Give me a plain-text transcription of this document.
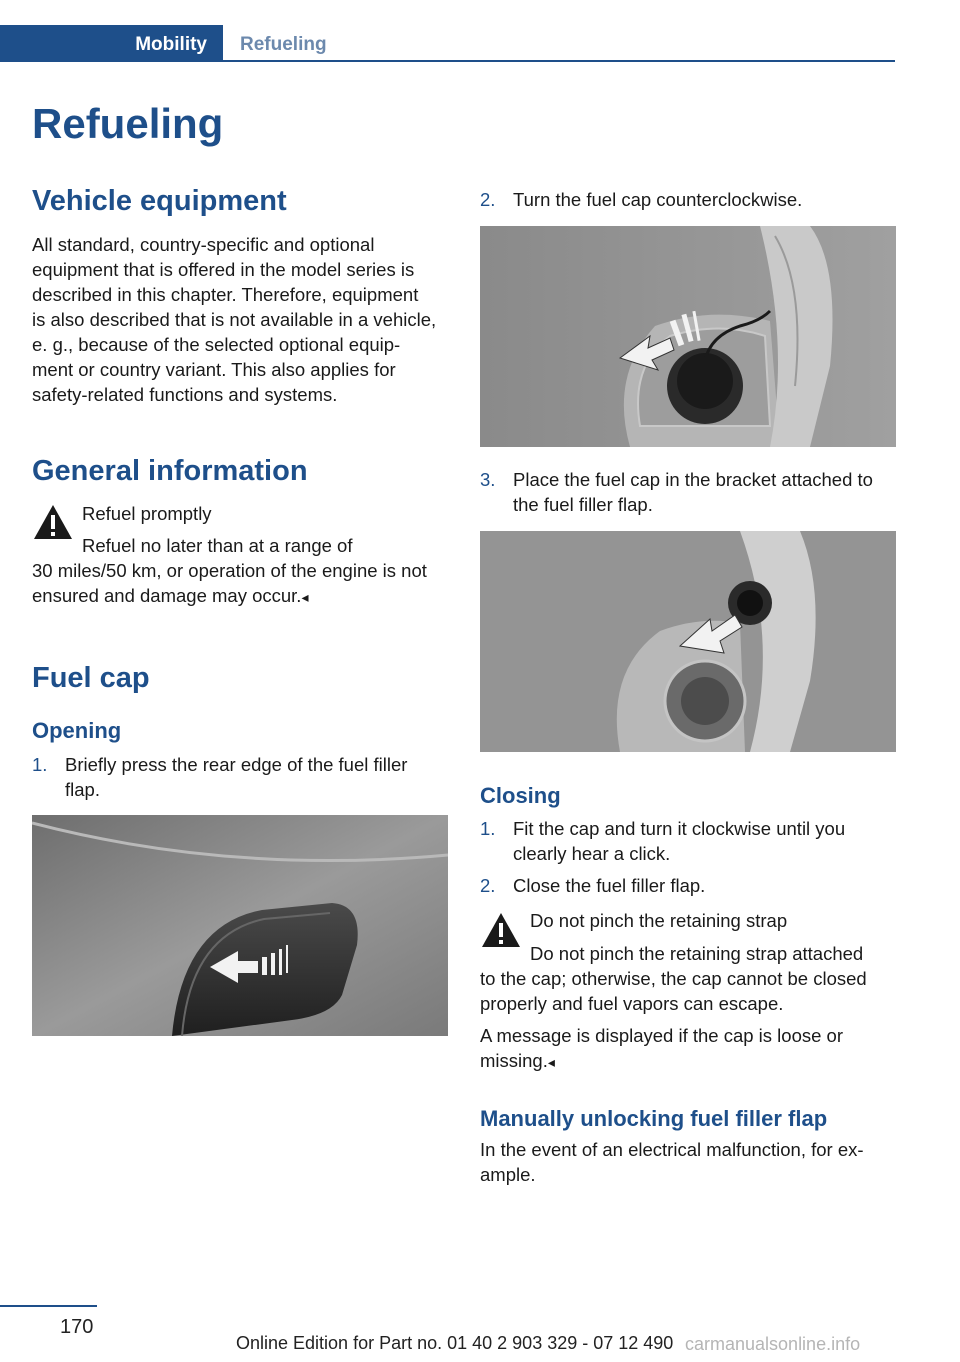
Mobility Refueling
Refueling
Vehicle equipment
All standard, country-specific and optional
equipment that is offered in the model series is
described in this chapter. Therefore, equipment
is also described that is not available in a vehicle,
e. g., because of the selected optional equip-
ment or country variant. This also applies for
safety-related functions and systems.
General information
Refuel promptly
Refuel no later than at a range of
30 miles/50 km, or operation of the engine is not
ensured and damage may occur.◂
Fuel cap
Opening
1. Briefly press the rear edge of the fuel filler
flap.
2. Turn the fuel cap counterclockwise.
3. Place the fuel cap in the bracket attached to
the fuel filler flap.
Closing
1. Fit the cap and turn it clockwise until you
clearly hear a click.
2. Close the fuel filler flap.
Do not pinch the retaining strap
Do not pinch the retaining strap attached
to the cap; otherwise, the cap cannot be closed
properly and fuel vapors can escape.
A message is displayed if the cap is loose or
missing.◂
Manually unlocking fuel filler flap
In the event of an electrical malfunction, for ex-
ample.
170
Online Edition for Part no. 01 40 2 903 329 - 07 12 490 carmanualsonline.info
